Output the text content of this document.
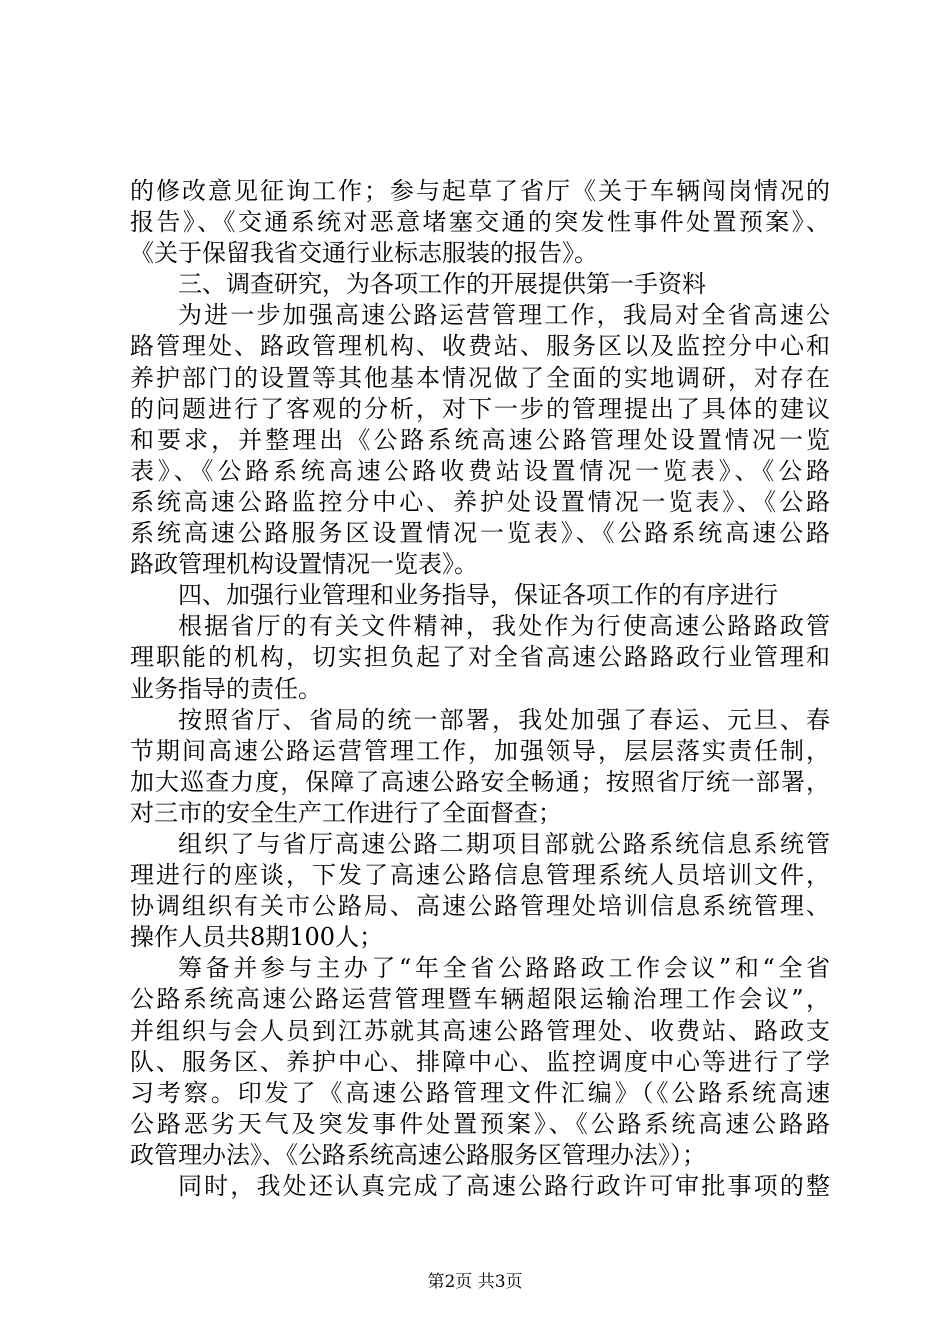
的修改意见征询工作；参与起草了省厅《关于车辆闯岗情况的
报告》、《交通系统对恶意堵塞交通的突发性事件处置预案》、
《关于保留我省交通行业标志服装的报告》。
三、调查研究，为各项工作的开展提供第一手资料
为进一步加强高速公路运营管理工作，我局对全省高速公
路管理处、路政管理机构、收费站、服务区以及监控分中心和
养护部门的设置等其他基本情况做了全面的实地调研，对存在
的问题进行了客观的分析，对下一步的管理提出了具体的建议
和要求，并整理出《公路系统高速公路管理处设置情况一览
表》、《公路系统高速公路收费站设置情况一览表》、《公路
系统高速公路监控分中心、养护处设置情况一览表》、《公路
系统高速公路服务区设置情况一览表》、《公路系统高速公路
路政管理机构设置情况一览表》。
四、加强行业管理和业务指导，保证各项工作的有序进行
根据省厅的有关文件精神，我处作为行使高速公路路政管
理职能的机构，切实担负起了对全省高速公路路政行业管理和
业务指导的责任。
按照省厅、省局的统一部署，我处加强了春运、元旦、春
节期间高速公路运营管理工作，加强领导，层层落实责任制，
加大巡查力度，保障了高速公路安全畅通；按照省厅统一部署，
对三市的安全生产工作进行了全面督查；
组织了与省厅高速公路二期项目部就公路系统信息系统管
理进行的座谈，下发了高速公路信息管理系统人员培训文件，
协调组织有关市公路局、高速公路管理处培训信息系统管理、
操作人员共8期100人；
筹备并参与主办了“年全省公路路政工作会议”和“全省
公路系统高速公路运营管理暨车辆超限运输治理工作会议”，
并组织与会人员到江苏就其高速公路管理处、收费站、路政支
队、服务区、养护中心、排障中心、监控调度中心等进行了学
习考察。印发了《高速公路管理文件汇编》（《公路系统高速
公路恶劣天气及突发事件处置预案》、《公路系统高速公路路
政管理办法》、《公路系统高速公路服务区管理办法》）；
同时，我处还认真完成了高速公路行政许可审批事项的整
第2页 共3页
